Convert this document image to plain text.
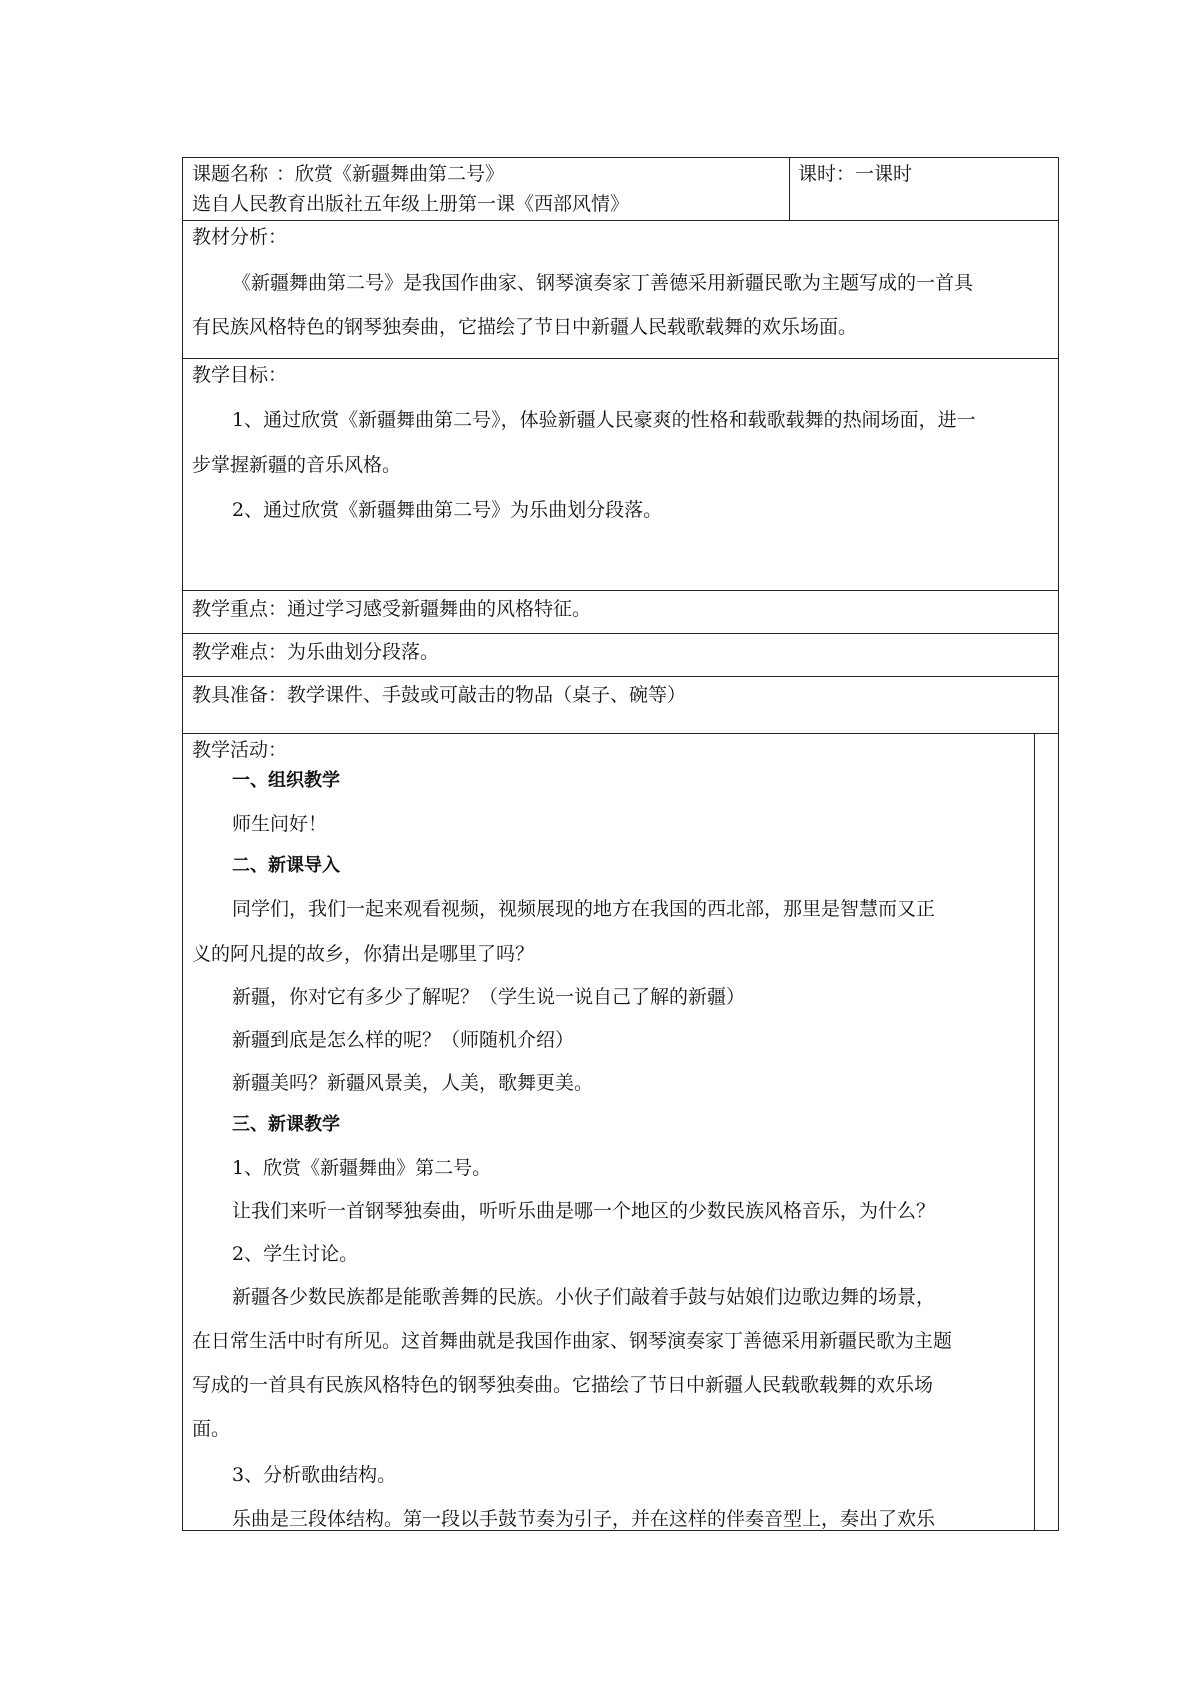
课题名称 ：欣赏《新疆舞曲第二号》
选自人民教育出版社五年级上册第一课《西部风情》
课时：一课时
教材分析：
《新疆舞曲第二号》是我国作曲家、钢琴演奏家丁善德采用新疆民歌为主题写成的一首具
有民族风格特色的钢琴独奏曲，它描绘了节日中新疆人民载歌载舞的欢乐场面。
教学目标：
1、通过欣赏《新疆舞曲第二号》，体验新疆人民豪爽的性格和载歌载舞的热闹场面，进一
步掌握新疆的音乐风格。
2、通过欣赏《新疆舞曲第二号》为乐曲划分段落。
教学重点：通过学习感受新疆舞曲的风格特征。
教学难点：为乐曲划分段落。
教具准备：教学课件、手鼓或可敲击的物品（桌子、碗等）
教学活动：
一、组织教学
师生问好！
二、新课导入
同学们，我们一起来观看视频，视频展现的地方在我国的西北部，那里是智慧而又正
义的阿凡提的故乡，你猜出是哪里了吗？
新疆，你对它有多少了解呢？（学生说一说自己了解的新疆）
新疆到底是怎么样的呢？（师随机介绍）
新疆美吗？新疆风景美，人美，歌舞更美。
三、新课教学
1、欣赏《新疆舞曲》第二号。
让我们来听一首钢琴独奏曲，听听乐曲是哪一个地区的少数民族风格音乐，为什么？
2、学生讨论。
新疆各少数民族都是能歌善舞的民族。小伙子们敲着手鼓与姑娘们边歌边舞的场景，
在日常生活中时有所见。这首舞曲就是我国作曲家、钢琴演奏家丁善德采用新疆民歌为主题
写成的一首具有民族风格特色的钢琴独奏曲。它描绘了节日中新疆人民载歌载舞的欢乐场
面。
3、分析歌曲结构。
乐曲是三段体结构。第一段以手鼓节奏为引子，并在这样的伴奏音型上，奏出了欢乐
